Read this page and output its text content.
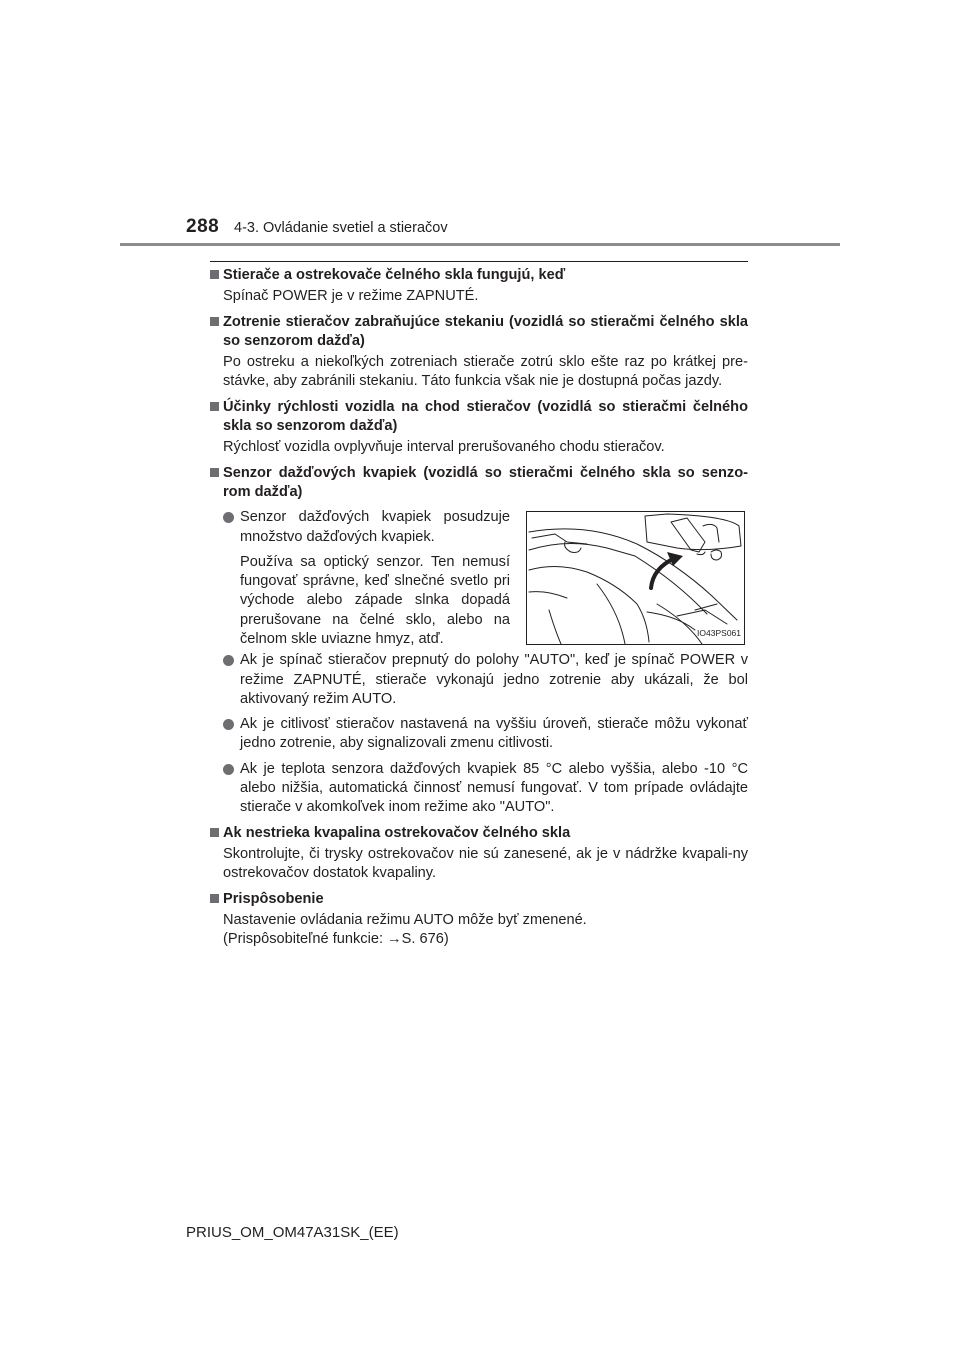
288 4-3. Ovládanie svetiel a stieračov
Stierače a ostrekovače čelného skla fungujú, keď
Spínač POWER je v režime ZAPNUTÉ.
Zotrenie stieračov zabraňujúce stekaniu (vozidlá so stieračmi čelného skla so senzorom dažďa)
Po ostreku a niekoľkých zotreniach stierače zotrú sklo ešte raz po krátkej pre-stávke, aby zabránili stekaniu. Táto funkcia však nie je dostupná počas jazdy.
Účinky rýchlosti vozidla na chod stieračov (vozidlá so stieračmi čelného skla so senzorom dažďa)
Rýchlosť vozidla ovplyvňuje interval prerušovaného chodu stieračov.
Senzor dažďových kvapiek (vozidlá so stieračmi čelného skla so senzo-rom dažďa)
Senzor dažďových kvapiek posudzuje množstvo dažďových kvapiek.
Používa sa optický senzor. Ten nemusí fungovať správne, keď slnečné svetlo pri východe alebo západe slnka dopadá prerušovane na čelné sklo, alebo na čelnom skle uviazne hmyz, atď.	IO43PS061
Ak je spínač stieračov prepnutý do polohy "AUTO", keď je spínač POWER v režime ZAPNUTÉ, stierače vykonajú jedno zotrenie aby ukázali, že bol aktivovaný režim AUTO.
Ak je citlivosť stieračov nastavená na vyššiu úroveň, stierače môžu vykonať jedno zotrenie, aby signalizovali zmenu citlivosti.
Ak je teplota senzora dažďových kvapiek 85 °C alebo vyššia, alebo -10 °C alebo nižšia, automatická činnosť nemusí fungovať. V tom prípade ovládajte stierače v akomkoľvek inom režime ako "AUTO".
Ak nestrieka kvapalina ostrekovačov čelného skla
Skontrolujte, či trysky ostrekovačov nie sú zanesené, ak je v nádržke kvapali-ny ostrekovačov dostatok kvapaliny.
Prispôsobenie
Nastavenie ovládania režimu AUTO môže byť zmenené.
(Prispôsobiteľné funkcie: →S. 676)
PRIUS_OM_OM47A31SK_(EE)
